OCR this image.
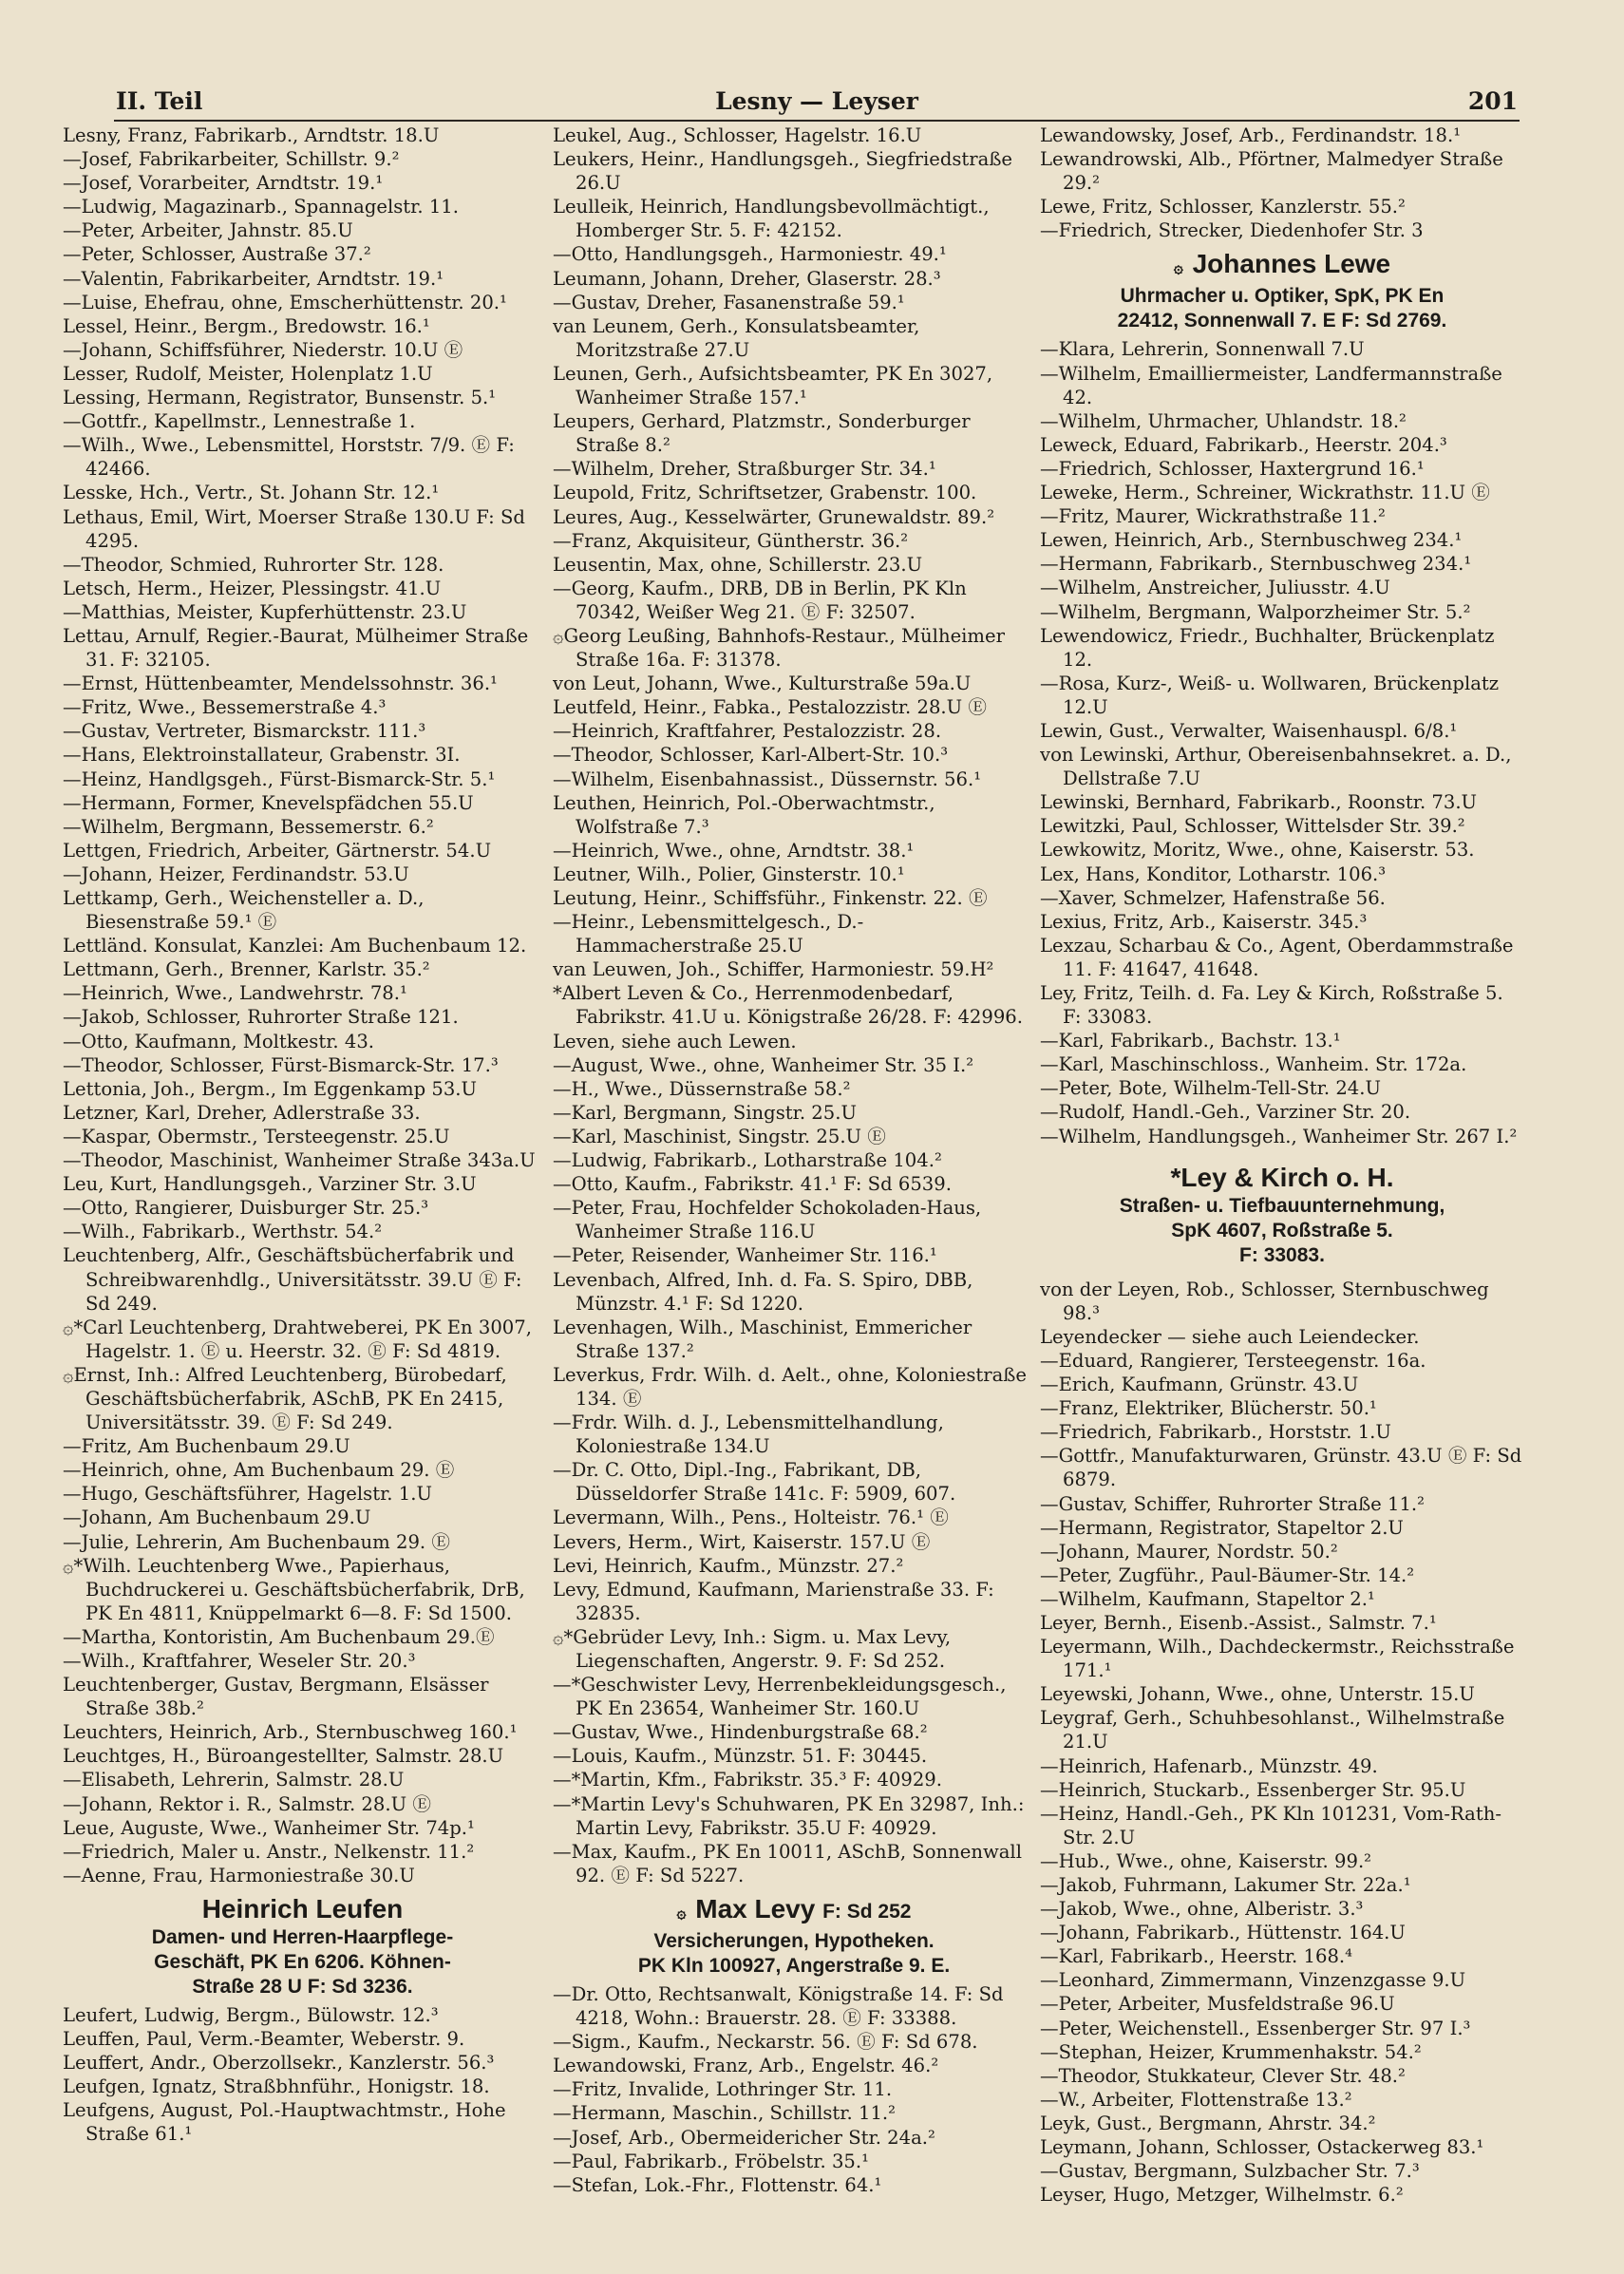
II. Teil	Lesny — Leyser	201
Lesny, Franz, Fabrikarb., Arndtstr. 18.U
—Josef, Fabrikarbeiter, Schillstr. 9.²
—Josef, Vorarbeiter, Arndtstr. 19.¹
—Ludwig, Magazinarb., Spannagelstr. 11.
—Peter, Arbeiter, Jahnstr. 85.U
—Peter, Schlosser, Austraße 37.²
—Valentin, Fabrikarbeiter, Arndtstr. 19.¹
—Luise, Ehefrau, ohne, Emscherhüttenstr. 20.¹
Lessel, Heinr., Bergm., Bredowstr. 16.¹
—Johann, Schiffsführer, Niederstr. 10.U Ⓔ
Lesser, Rudolf, Meister, Holenplatz 1.U
Lessing, Hermann, Registrator, Bunsenstr. 5.¹
—Gottfr., Kapellmstr., Lennestraße 1.
—Wilh., Wwe., Lebensmittel, Horststr. 7/9. Ⓔ F: 42466.
Lesske, Hch., Vertr., St. Johann Str. 12.¹
Lethaus, Emil, Wirt, Moerser Straße 130.U F: Sd 4295.
—Theodor, Schmied, Ruhrorter Str. 128.
Letsch, Herm., Heizer, Plessingstr. 41.U
—Matthias, Meister, Kupferhüttenstr. 23.U
Lettau, Arnulf, Regier.-Baurat, Mülheimer Straße 31. F: 32105.
—Ernst, Hüttenbeamter, Mendelssohnstr. 36.¹
—Fritz, Wwe., Bessemerstraße 4.³
—Gustav, Vertreter, Bismarckstr. 111.³
—Hans, Elektroinstallateur, Grabenstr. 3I.
—Heinz, Handlgsgeh., Fürst-Bismarck-Str. 5.¹
—Hermann, Former, Knevelspfädchen 55.U
—Wilhelm, Bergmann, Bessemerstr. 6.²
Lettgen, Friedrich, Arbeiter, Gärtnerstr. 54.U
—Johann, Heizer, Ferdinandstr. 53.U
Lettkamp, Gerh., Weichensteller a. D., Biesenstraße 59.¹ Ⓔ
Lettländ. Konsulat, Kanzlei: Am Buchenbaum 12.
Lettmann, Gerh., Brenner, Karlstr. 35.²
—Heinrich, Wwe., Landwehrstr. 78.¹
—Jakob, Schlosser, Ruhrorter Straße 121.
—Otto, Kaufmann, Moltkestr. 43.
—Theodor, Schlosser, Fürst-Bismarck-Str. 17.³
Lettonia, Joh., Bergm., Im Eggenkamp 53.U
Letzner, Karl, Dreher, Adlerstraße 33.
—Kaspar, Obermstr., Tersteegenstr. 25.U
—Theodor, Maschinist, Wanheimer Straße 343a.U
Leu, Kurt, Handlungsgeh., Varziner Str. 3.U
—Otto, Rangierer, Duisburger Str. 25.³
—Wilh., Fabrikarb., Werthstr. 54.²
Leuchtenberg, Alfr., Geschäftsbücherfabrik und Schreibwarenhdlg., Universitätsstr. 39.U Ⓔ F: Sd 249.
۞*Carl Leuchtenberg, Drahtweberei, PK En 3007, Hagelstr. 1. Ⓔ u. Heerstr. 32. Ⓔ F: Sd 4819.
۞Ernst, Inh.: Alfred Leuchtenberg, Bürobedarf, Geschäftsbücherfabrik, ASchB, PK En 2415, Universitätsstr. 39. Ⓔ F: Sd 249.
—Fritz, Am Buchenbaum 29.U
—Heinrich, ohne, Am Buchenbaum 29. Ⓔ
—Hugo, Geschäftsführer, Hagelstr. 1.U
—Johann, Am Buchenbaum 29.U
—Julie, Lehrerin, Am Buchenbaum 29. Ⓔ
۞*Wilh. Leuchtenberg Wwe., Papierhaus, Buchdruckerei u. Geschäftsbücherfabrik, DrB, PK En 4811, Knüppelmarkt 6—8. F: Sd 1500.
—Martha, Kontoristin, Am Buchenbaum 29.Ⓔ
—Wilh., Kraftfahrer, Weseler Str. 20.³
Leuchtenberger, Gustav, Bergmann, Elsässer Straße 38b.²
Leuchters, Heinrich, Arb., Sternbuschweg 160.¹
Leuchtges, H., Büroangestellter, Salmstr. 28.U
—Elisabeth, Lehrerin, Salmstr. 28.U
—Johann, Rektor i. R., Salmstr. 28.U Ⓔ
Leue, Auguste, Wwe., Wanheimer Str. 74p.¹
—Friedrich, Maler u. Anstr., Nelkenstr. 11.²
—Aenne, Frau, Harmoniestraße 30.U
Heinrich Leufen
Damen- und Herren-Haarpflege-
Geschäft, PK En 6206. Köhnen-
Straße 28 U F: Sd 3236.
Leufert, Ludwig, Bergm., Bülowstr. 12.³
Leuffen, Paul, Verm.-Beamter, Weberstr. 9.
Leuffert, Andr., Oberzollsekr., Kanzlerstr. 56.³
Leufgen, Ignatz, Straßbhnführ., Honigstr. 18.
Leufgens, August, Pol.-Hauptwachtmstr., Hohe Straße 61.¹
Leukel, Aug., Schlosser, Hagelstr. 16.U
Leukers, Heinr., Handlungsgeh., Siegfriedstraße 26.U
Leulleik, Heinrich, Handlungsbevollmächtigt., Homberger Str. 5. F: 42152.
—Otto, Handlungsgeh., Harmoniestr. 49.¹
Leumann, Johann, Dreher, Glaserstr. 28.³
—Gustav, Dreher, Fasanenstraße 59.¹
van Leunem, Gerh., Konsulatsbeamter, Moritzstraße 27.U
Leunen, Gerh., Aufsichtsbeamter, PK En 3027, Wanheimer Straße 157.¹
Leupers, Gerhard, Platzmstr., Sonderburger Straße 8.²
—Wilhelm, Dreher, Straßburger Str. 34.¹
Leupold, Fritz, Schriftsetzer, Grabenstr. 100.
Leures, Aug., Kesselwärter, Grunewaldstr. 89.²
—Franz, Akquisiteur, Güntherstr. 36.²
Leusentin, Max, ohne, Schillerstr. 23.U
—Georg, Kaufm., DRB, DB in Berlin, PK Kln 70342, Weißer Weg 21. Ⓔ F: 32507.
۞Georg Leußing, Bahnhofs-Restaur., Mülheimer Straße 16a. F: 31378.
von Leut, Johann, Wwe., Kulturstraße 59a.U
Leutfeld, Heinr., Fabka., Pestalozzistr. 28.U Ⓔ
—Heinrich, Kraftfahrer, Pestalozzistr. 28.
—Theodor, Schlosser, Karl-Albert-Str. 10.³
—Wilhelm, Eisenbahnassist., Düssernstr. 56.¹
Leuthen, Heinrich, Pol.-Oberwachtmstr., Wolfstraße 7.³
—Heinrich, Wwe., ohne, Arndtstr. 38.¹
Leutner, Wilh., Polier, Ginsterstr. 10.¹
Leutung, Heinr., Schiffsführ., Finkenstr. 22. Ⓔ
—Heinr., Lebensmittelgesch., D.-Hammacherstraße 25.U
van Leuwen, Joh., Schiffer, Harmoniestr. 59.H²
*Albert Leven & Co., Herrenmodenbedarf, Fabrikstr. 41.U u. Königstraße 26/28. F: 42996.
Leven, siehe auch Lewen.
—August, Wwe., ohne, Wanheimer Str. 35 I.²
—H., Wwe., Düssernstraße 58.²
—Karl, Bergmann, Singstr. 25.U
—Karl, Maschinist, Singstr. 25.U Ⓔ
—Ludwig, Fabrikarb., Lotharstraße 104.²
—Otto, Kaufm., Fabrikstr. 41.¹ F: Sd 6539.
—Peter, Frau, Hochfelder Schokoladen-Haus, Wanheimer Straße 116.U
—Peter, Reisender, Wanheimer Str. 116.¹
Levenbach, Alfred, Inh. d. Fa. S. Spiro, DBB, Münzstr. 4.¹ F: Sd 1220.
Levenhagen, Wilh., Maschinist, Emmericher Straße 137.²
Leverkus, Frdr. Wilh. d. Aelt., ohne, Koloniestraße 134. Ⓔ
—Frdr. Wilh. d. J., Lebensmittelhandlung, Koloniestraße 134.U
—Dr. C. Otto, Dipl.-Ing., Fabrikant, DB, Düsseldorfer Straße 141c. F: 5909, 607.
Levermann, Wilh., Pens., Holteistr. 76.¹ Ⓔ
Levers, Herm., Wirt, Kaiserstr. 157.U Ⓔ
Levi, Heinrich, Kaufm., Münzstr. 27.²
Levy, Edmund, Kaufmann, Marienstraße 33. F: 32835.
۞*Gebrüder Levy, Inh.: Sigm. u. Max Levy, Liegenschaften, Angerstr. 9. F: Sd 252.
—*Geschwister Levy, Herrenbekleidungsgesch., PK En 23654, Wanheimer Str. 160.U
—Gustav, Wwe., Hindenburgstraße 68.²
—Louis, Kaufm., Münzstr. 51. F: 30445.
—*Martin, Kfm., Fabrikstr. 35.³ F: 40929.
—*Martin Levy's Schuhwaren, PK En 32987, Inh.: Martin Levy, Fabrikstr. 35.U F: 40929.
—Max, Kaufm., PK En 10011, ASchB, Sonnenwall 92. Ⓔ F: Sd 5227.
۞ Max Levy F: Sd 252
Versicherungen, Hypotheken.
PK Kln 100927, Angerstraße 9. E.
—Dr. Otto, Rechtsanwalt, Königstraße 14. F: Sd 4218, Wohn.: Brauerstr. 28. Ⓔ F: 33388.
—Sigm., Kaufm., Neckarstr. 56. Ⓔ F: Sd 678.
Lewandowski, Franz, Arb., Engelstr. 46.²
—Fritz, Invalide, Lothringer Str. 11.
—Hermann, Maschin., Schillstr. 11.²
—Josef, Arb., Obermeidericher Str. 24a.²
—Paul, Fabrikarb., Fröbelstr. 35.¹
—Stefan, Lok.-Fhr., Flottenstr. 64.¹
Lewandowsky, Josef, Arb., Ferdinandstr. 18.¹
Lewandrowski, Alb., Pförtner, Malmedyer Straße 29.²
Lewe, Fritz, Schlosser, Kanzlerstr. 55.²
—Friedrich, Strecker, Diedenhofer Str. 3
۞ Johannes Lewe
Uhrmacher u. Optiker, SpK, PK En
22412, Sonnenwall 7. E F: Sd 2769.
—Klara, Lehrerin, Sonnenwall 7.U
—Wilhelm, Emailliermeister, Landfermannstraße 42.
—Wilhelm, Uhrmacher, Uhlandstr. 18.²
Leweck, Eduard, Fabrikarb., Heerstr. 204.³
—Friedrich, Schlosser, Haxtergrund 16.¹
Leweke, Herm., Schreiner, Wickrathstr. 11.U Ⓔ
—Fritz, Maurer, Wickrathstraße 11.²
Lewen, Heinrich, Arb., Sternbuschweg 234.¹
—Hermann, Fabrikarb., Sternbuschweg 234.¹
—Wilhelm, Anstreicher, Juliusstr. 4.U
—Wilhelm, Bergmann, Walporzheimer Str. 5.²
Lewendowicz, Friedr., Buchhalter, Brückenplatz 12.
—Rosa, Kurz-, Weiß- u. Wollwaren, Brückenplatz 12.U
Lewin, Gust., Verwalter, Waisenhauspl. 6/8.¹
von Lewinski, Arthur, Obereisenbahnsekret. a. D., Dellstraße 7.U
Lewinski, Bernhard, Fabrikarb., Roonstr. 73.U
Lewitzki, Paul, Schlosser, Wittelsder Str. 39.²
Lewkowitz, Moritz, Wwe., ohne, Kaiserstr. 53.
Lex, Hans, Konditor, Lotharstr. 106.³
—Xaver, Schmelzer, Hafenstraße 56.
Lexius, Fritz, Arb., Kaiserstr. 345.³
Lexzau, Scharbau & Co., Agent, Oberdammstraße 11. F: 41647, 41648.
Ley, Fritz, Teilh. d. Fa. Ley & Kirch, Roßstraße 5. F: 33083.
—Karl, Fabrikarb., Bachstr. 13.¹
—Karl, Maschinschloss., Wanheim. Str. 172a.
—Peter, Bote, Wilhelm-Tell-Str. 24.U
—Rudolf, Handl.-Geh., Varziner Str. 20.
—Wilhelm, Handlungsgeh., Wanheimer Str. 267 I.²
*Ley & Kirch o. H.
Straßen- u. Tiefbauunternehmung,
SpK 4607, Roßstraße 5.
F: 33083.
von der Leyen, Rob., Schlosser, Sternbuschweg 98.³
Leyendecker — siehe auch Leiendecker.
—Eduard, Rangierer, Tersteegenstr. 16a.
—Erich, Kaufmann, Grünstr. 43.U
—Franz, Elektriker, Blücherstr. 50.¹
—Friedrich, Fabrikarb., Horststr. 1.U
—Gottfr., Manufakturwaren, Grünstr. 43.U Ⓔ F: Sd 6879.
—Gustav, Schiffer, Ruhrorter Straße 11.²
—Hermann, Registrator, Stapeltor 2.U
—Johann, Maurer, Nordstr. 50.²
—Peter, Zugführ., Paul-Bäumer-Str. 14.²
—Wilhelm, Kaufmann, Stapeltor 2.¹
Leyer, Bernh., Eisenb.-Assist., Salmstr. 7.¹
Leyermann, Wilh., Dachdeckermstr., Reichsstraße 171.¹
Leyewski, Johann, Wwe., ohne, Unterstr. 15.U
Leygraf, Gerh., Schuhbesohlanst., Wilhelmstraße 21.U
—Heinrich, Hafenarb., Münzstr. 49.
—Heinrich, Stuckarb., Essenberger Str. 95.U
—Heinz, Handl.-Geh., PK Kln 101231, Vom-Rath-Str. 2.U
—Hub., Wwe., ohne, Kaiserstr. 99.²
—Jakob, Fuhrmann, Lakumer Str. 22a.¹
—Jakob, Wwe., ohne, Alberistr. 3.³
—Johann, Fabrikarb., Hüttenstr. 164.U
—Karl, Fabrikarb., Heerstr. 168.⁴
—Leonhard, Zimmermann, Vinzenzgasse 9.U
—Peter, Arbeiter, Musfeldstraße 96.U
—Peter, Weichenstell., Essenberger Str. 97 I.³
—Stephan, Heizer, Krummenhakstr. 54.²
—Theodor, Stukkateur, Clever Str. 48.²
—W., Arbeiter, Flottenstraße 13.²
Leyk, Gust., Bergmann, Ahrstr. 34.²
Leymann, Johann, Schlosser, Ostackerweg 83.¹
—Gustav, Bergmann, Sulzbacher Str. 7.³
Leyser, Hugo, Metzger, Wilhelmstr. 6.²
